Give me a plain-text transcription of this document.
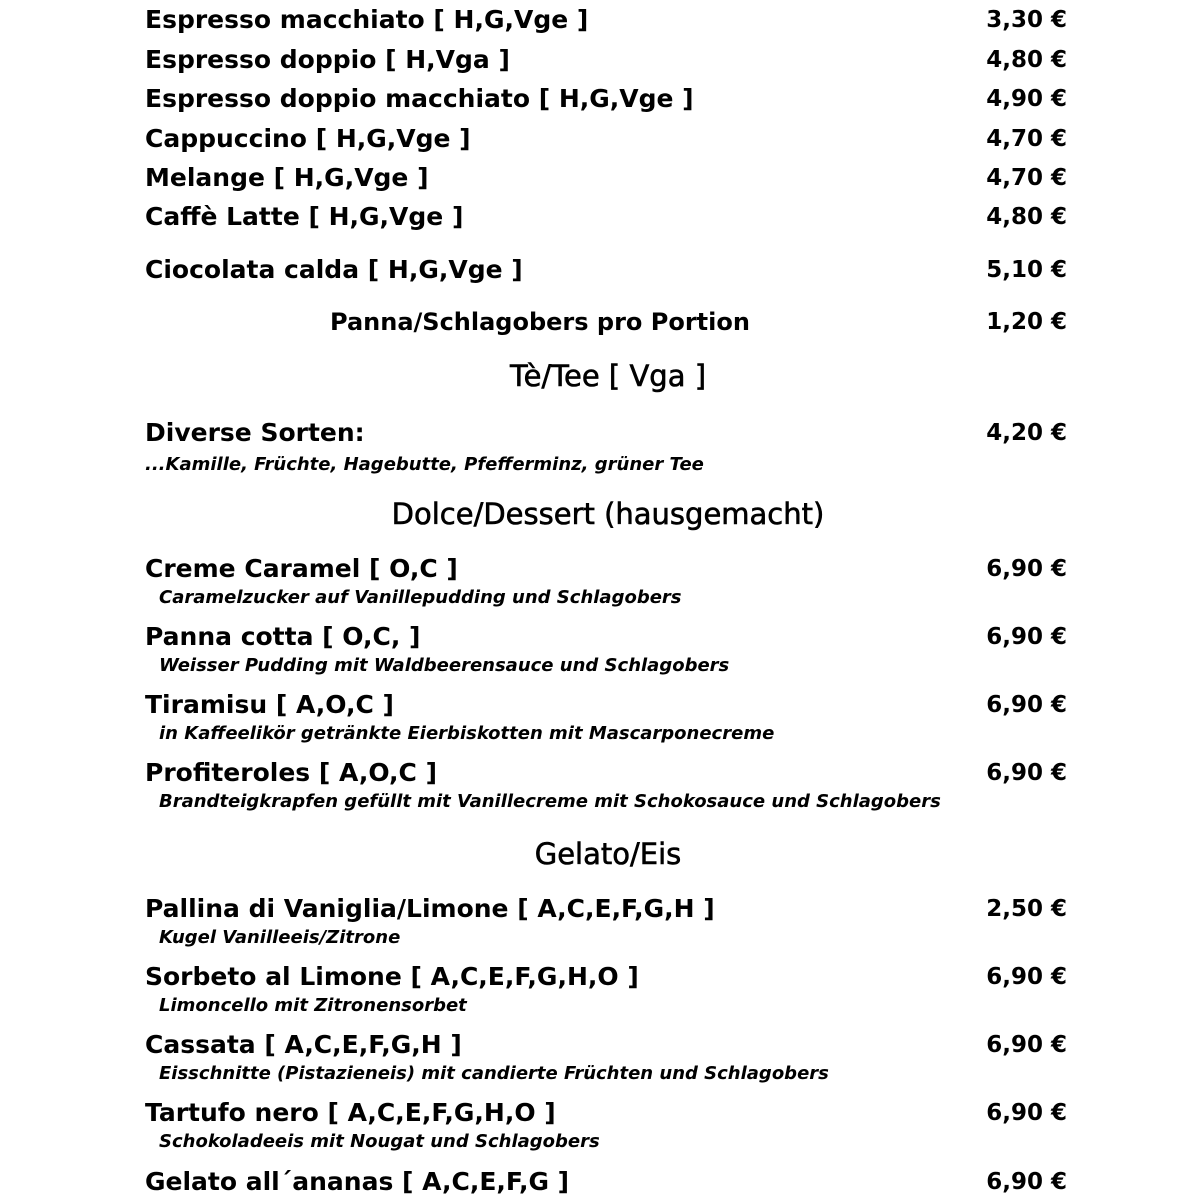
Espresso macchiato [ H,G,Vge ]	3,30 €
Espresso doppio [ H,Vga ]	4,80 €
Espresso doppio macchiato [ H,G,Vge ]	4,90 €
Cappuccino [ H,G,Vge ]	4,70 €
Melange [ H,G,Vge ]	4,70 €
Caffè Latte [ H,G,Vge ]	4,80 €
Ciocolata calda [ H,G,Vge ]	5,10 €
Panna/Schlagobers pro Portion	1,20 €
Tè/Tee [ Vga ]
Diverse Sorten:	4,20 €
...Kamille, Früchte, Hagebutte, Pfefferminz, grüner Tee
Dolce/Dessert (hausgemacht)
Creme Caramel [ O,C ]	6,90 €
Caramelzucker auf Vanillepudding und Schlagobers
Panna cotta [ O,C, ]	6,90 €
Weisser Pudding mit Waldbeerensauce und Schlagobers
Tiramisu [ A,O,C ]	6,90 €
in Kaffeelikör getränkte Eierbiskotten mit Mascarponecreme
Profiteroles [ A,O,C ]	6,90 €
Brandteigkrapfen gefüllt mit Vanillecreme mit Schokosauce und Schlagobers
Gelato/Eis
Pallina di Vaniglia/Limone [ A,C,E,F,G,H ]	2,50 €
Kugel Vanilleeis/Zitrone
Sorbeto al Limone [ A,C,E,F,G,H,O ]	6,90 €
Limoncello mit Zitronensorbet
Cassata [ A,C,E,F,G,H ]	6,90 €
Eisschnitte (Pistazieneis) mit candierte Früchten und Schlagobers
Tartufo nero [ A,C,E,F,G,H,O ]	6,90 €
Schokoladeeis mit Nougat und Schlagobers
Gelato all´ananas [ A,C,E,F,G ]	6,90 €
